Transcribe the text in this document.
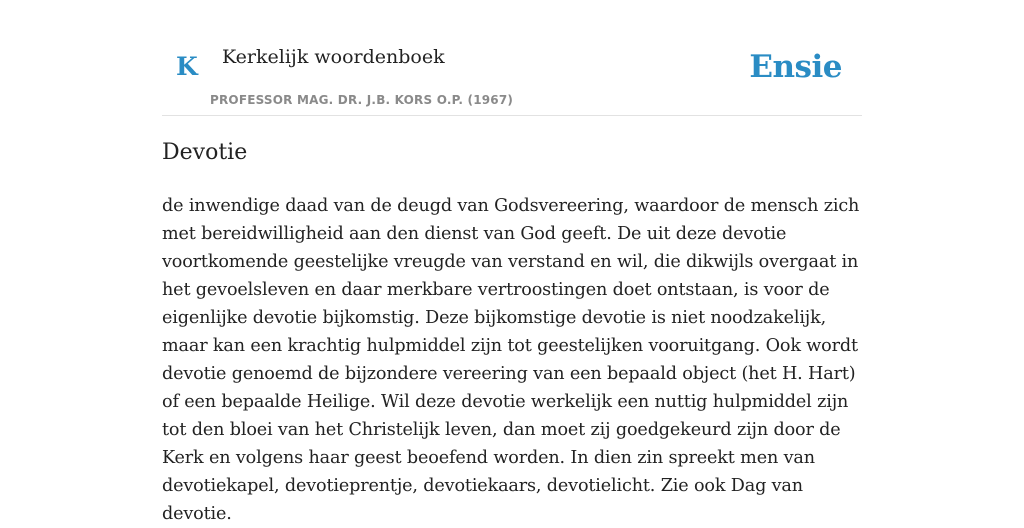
K Kerkelijk woordenboek
PROFESSOR MAG. DR. J.B. KORS O.P. (1967)
Ensie
Devotie

de inwendige daad van de deugd van Godsvereering, waardoor de mensch zich met bereidwilligheid aan den dienst van God geeft. De uit deze devotie voortkomende geestelijke vreugde van verstand en wil, die dikwijls overgaat in het gevoelsleven en daar merkbare vertroostingen doet ontstaan, is voor de eigenlijke devotie bijkomstig. Deze bijkomstige devotie is niet noodzakelijk, maar kan een krachtig hulpmiddel zijn tot geestelijken vooruitgang. Ook wordt devotie genoemd de bijzondere vereering van een bepaald object (het H. Hart) of een bepaalde Heilige. Wil deze devotie werkelijk een nuttig hulpmiddel zijn tot den bloei van het Christelijk leven, dan moet zij goedgekeurd zijn door de Kerk en volgens haar geest beoefend worden. In dien zin spreekt men van devotiekapel, devotieprentje, devotiekaars, devotielicht. Zie ook Dag van devotie.
